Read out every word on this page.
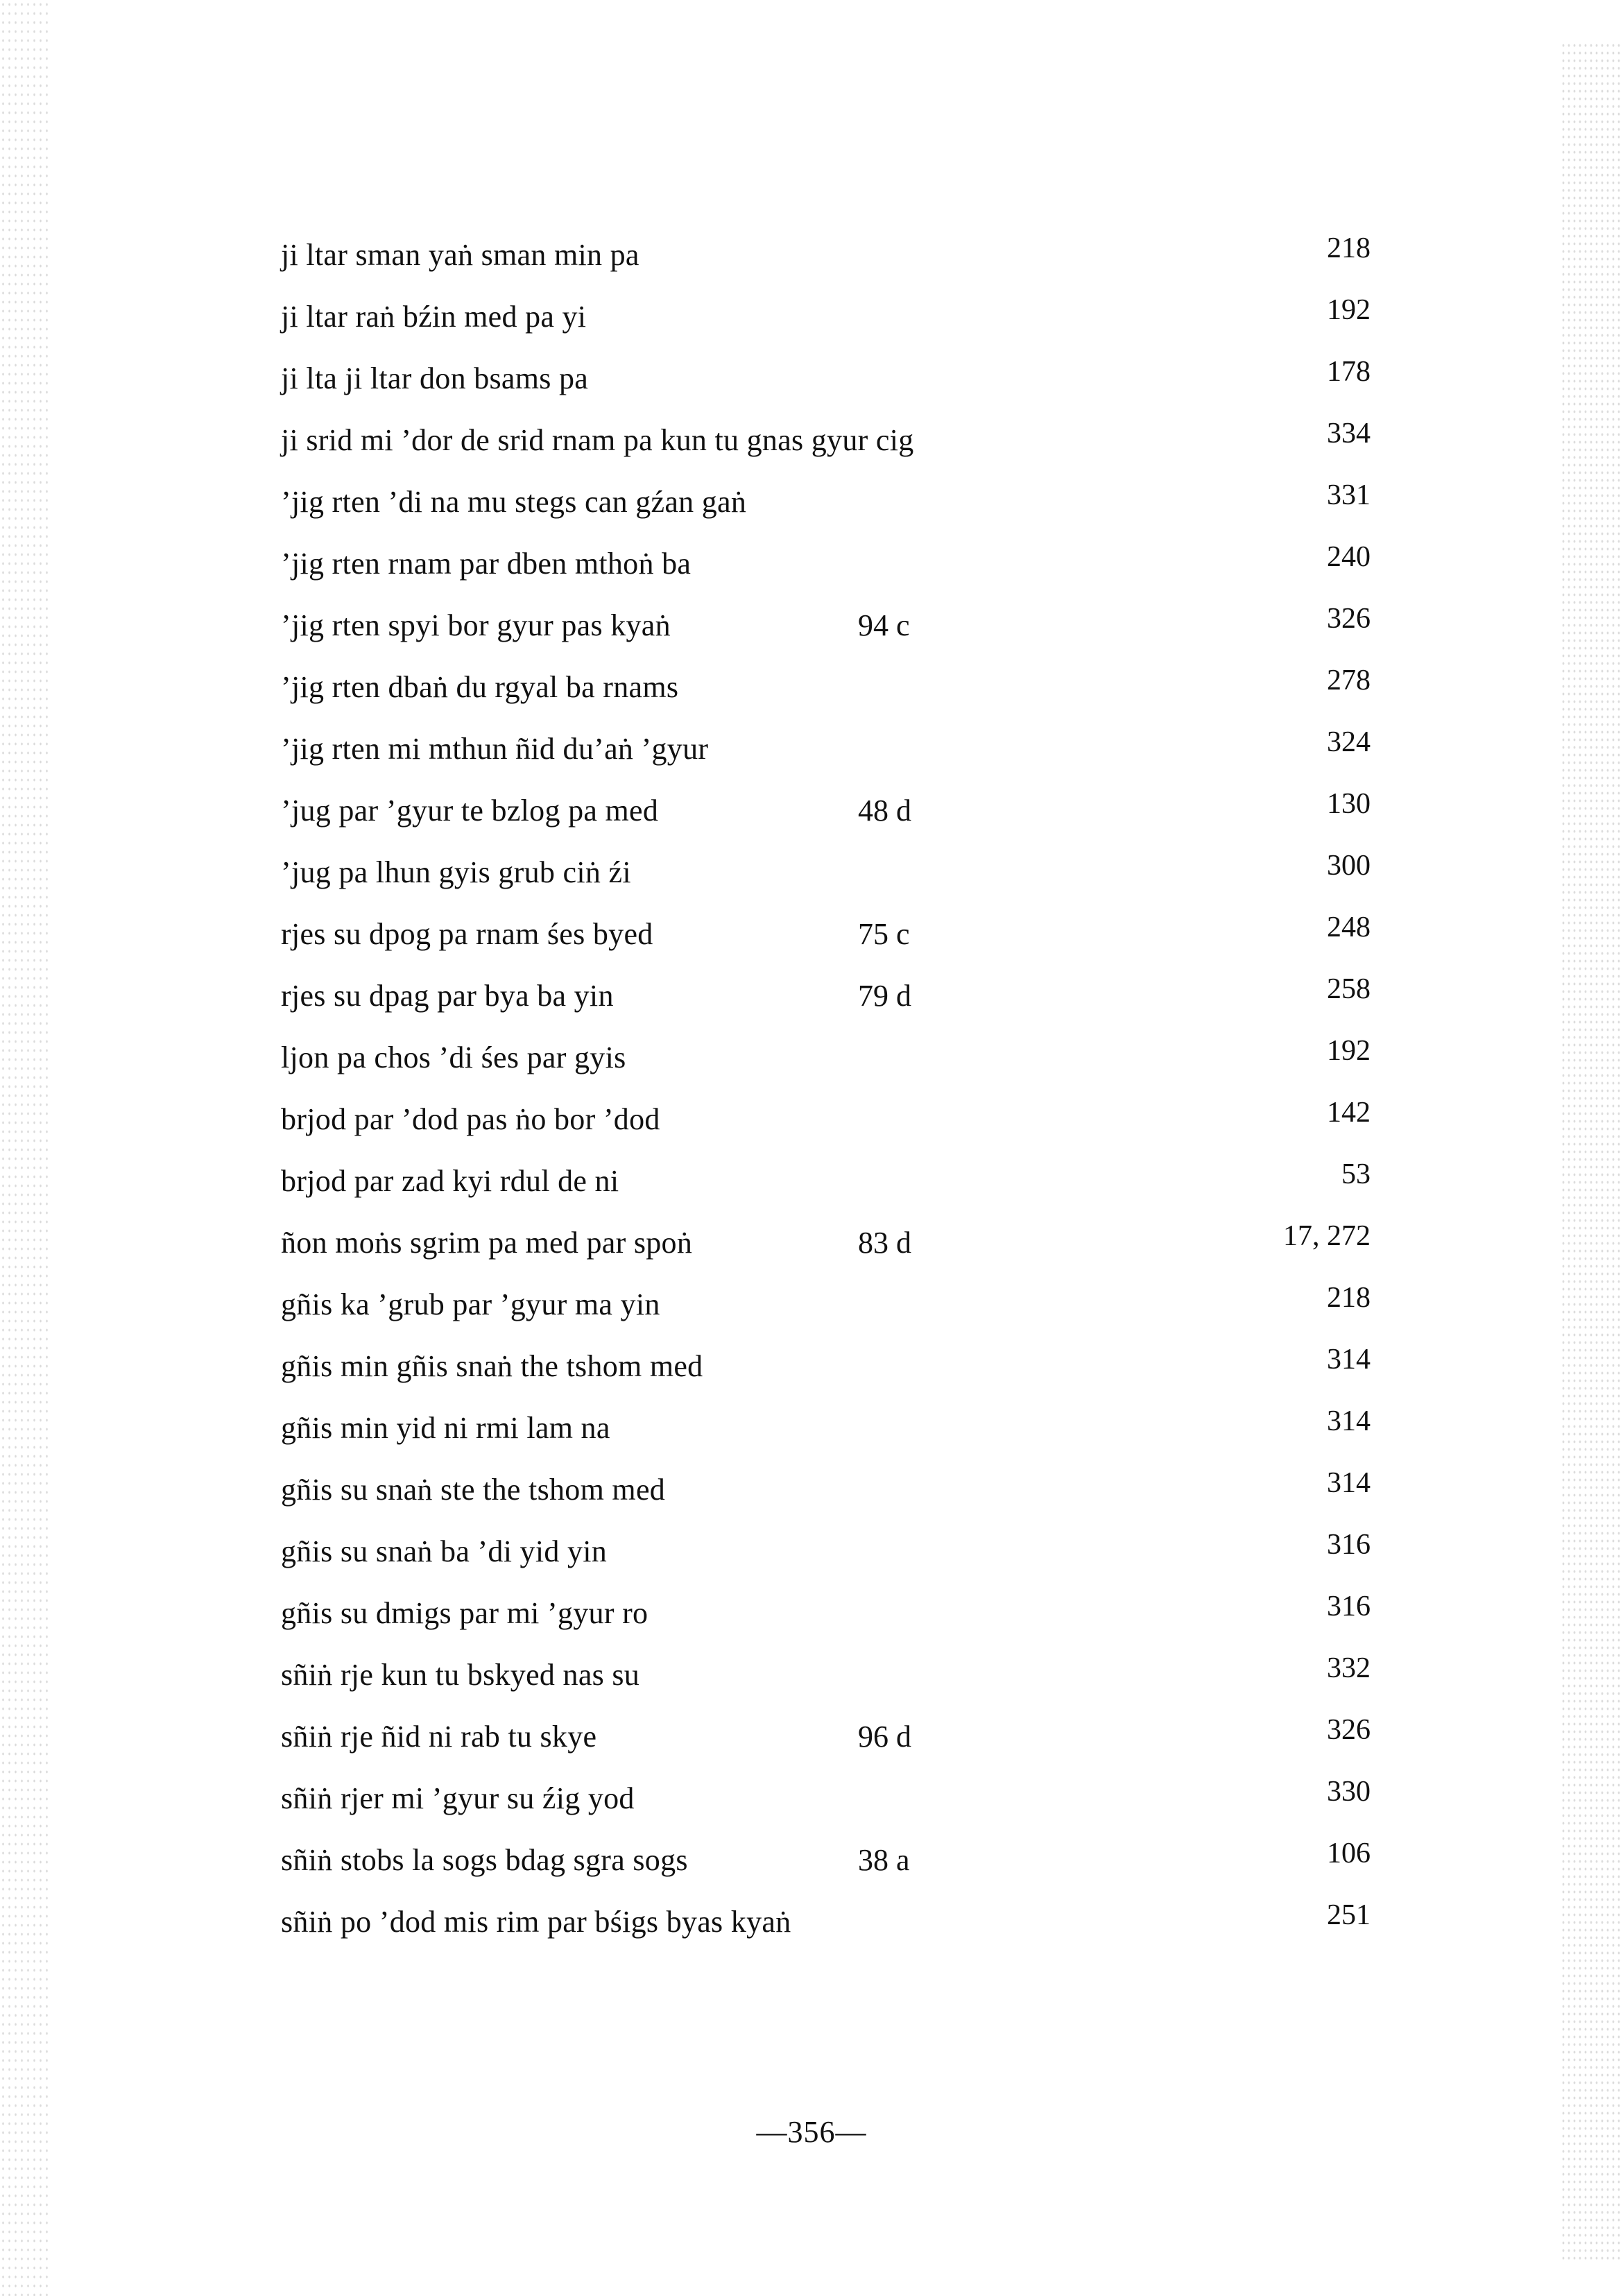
ji ltar sman yaṅ sman min pa	218
ji ltar raṅ bźin med pa yi	192
ji lta ji ltar don bsams pa	178
ji srid mi ’dor de srid rnam pa kun tu gnas gyur cig	334
’jig rten ’di na mu stegs can gźan gaṅ	331
’jig rten rnam par dben mthoṅ ba	240
’jig rten spyi bor gyur pas kyaṅ	94 c	326
’jig rten dbaṅ du rgyal ba rnams	278
’jig rten mi mthun ñid du’aṅ ’gyur	324
’jug par ’gyur te bzlog pa med	48 d	130
’jug pa lhun gyis grub ciṅ źi	300
rjes su dpog pa rnam śes byed	75 c	248
rjes su dpag par bya ba yin	79 d	258
ljon pa chos ’di śes par gyis	192
brjod par ’dod pas ṅo bor ’dod	142
brjod par zad kyi rdul de ni	53
ñon moṅs sgrim pa med par spoṅ	83 d	17, 272
gñis ka ’grub par ’gyur ma yin	218
gñis min gñis snaṅ the tshom med	314
gñis min yid ni rmi lam na	314
gñis su snaṅ ste the tshom med	314
gñis su snaṅ ba ’di yid yin	316
gñis su dmigs par mi ’gyur ro	316
sñiṅ rje kun tu bskyed nas su	332
sñiṅ rje ñid ni rab tu skye	96 d	326
sñiṅ rjer mi ’gyur su źig yod	330
sñiṅ stobs la sogs bdag sgra sogs	38 a	106
sñiṅ po ’dod mis rim par bśigs byas kyaṅ	251
—356—
